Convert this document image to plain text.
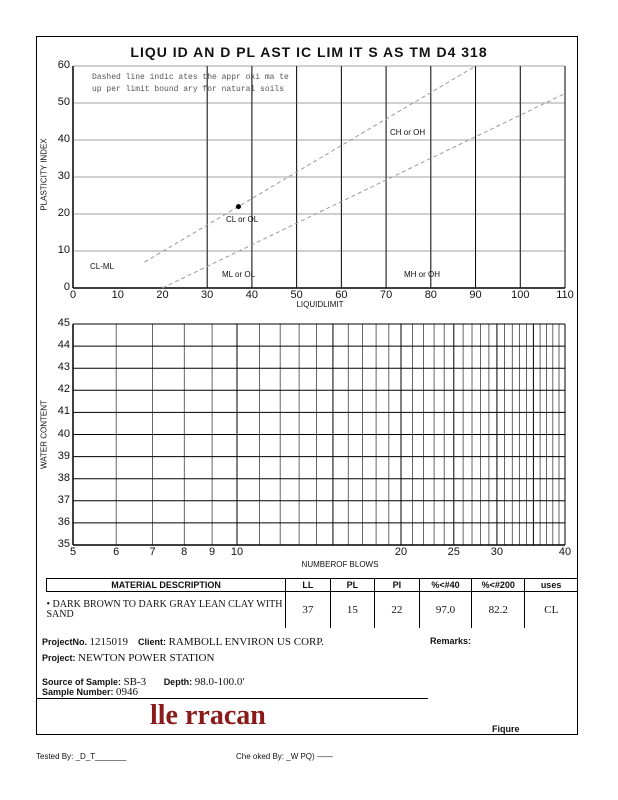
LIQU ID AN D PL AST IC LIM IT S AS TM D4 318
Dashed line indic ates the appr oxi ma te
up per limit bound ary for natural soils
LIQUIDLIMIT
NUMBEROF BLOWS
0	10	20	30	40	50	60	70	80	90	100 110
0
10
20
30
40
50
60
CL-ML
ML or OL	MH or OH
CL or OL
CH or OH
PLASTICITY INDEX
5	6	7	8	9	10	20	25	30	40
35
36
37
38
39
40
41
42
43
44
45
WATER CONTENT
MATERIAL DESCRIPTION	LL	PL	PI	%<#40	%<#200	uses
• DARK BROWN TO DARK GRAY LEAN CLAY WITH SAND	37	15	22	97.0	82.2	CL
ProjectNo. 1215019 Client: RAMBOLL ENVIRON US CORP.	Remarks:
Project: NEWTON POWER STATION
Source of Sample: SB-3 Depth: 98.0-100.0'
Sample Number: 0946
lle rracan	Fiqure
Tested By: _D_T_______	Che oked By: _W PQ) ——
